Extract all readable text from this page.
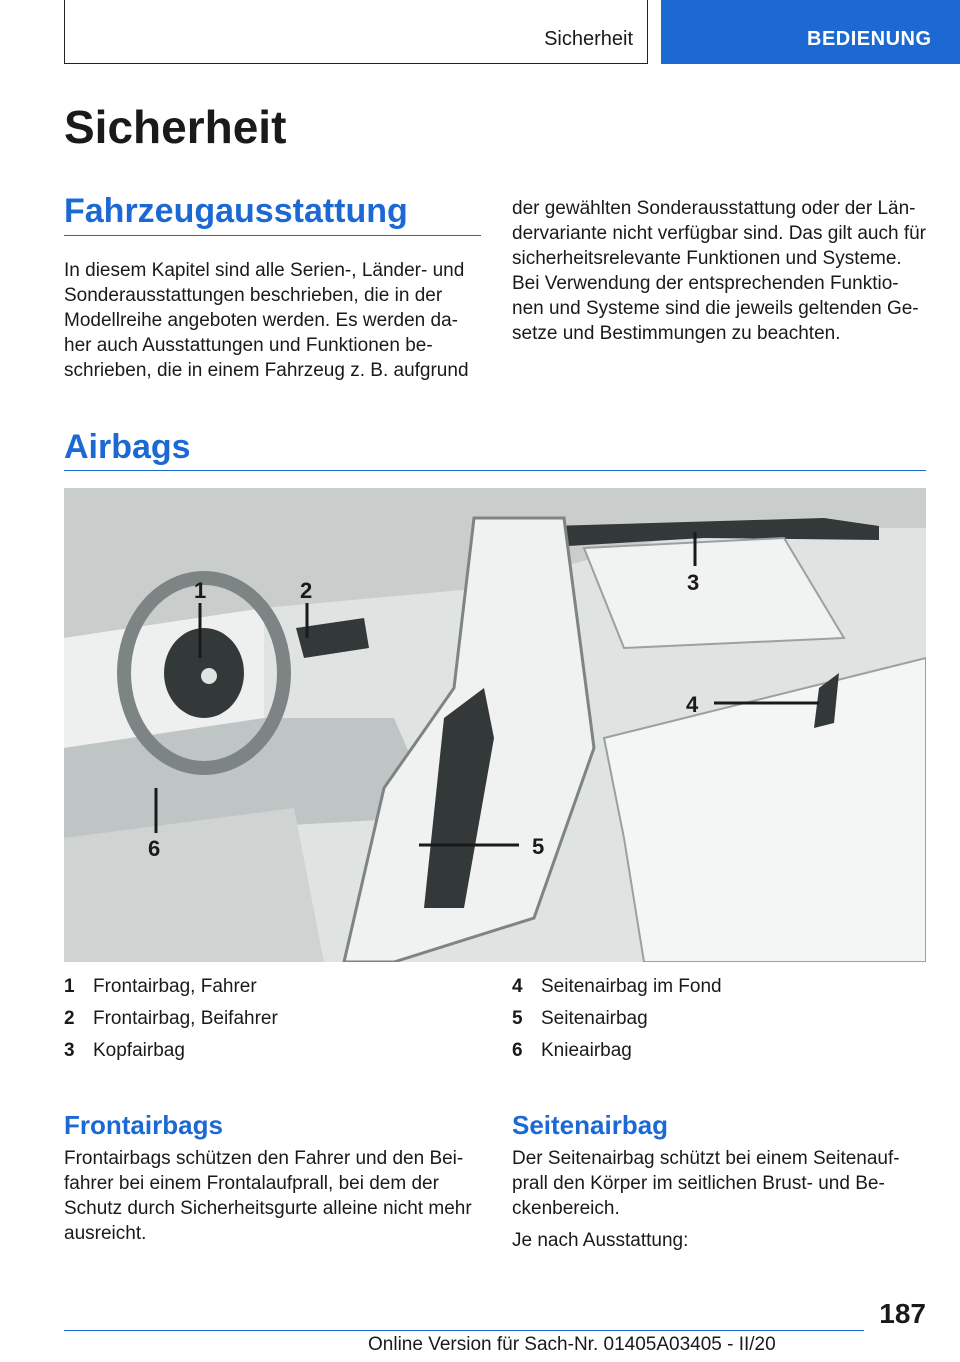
Sicherheit	BEDIENUNG
Sicherheit
Fahrzeugausstattung
In diesem Kapitel sind alle Serien-, Länder- und
Sonderausstattungen beschrieben, die in der
Modellreihe angeboten werden. Es werden da-
her auch Ausstattungen und Funktionen be-
schrieben, die in einem Fahrzeug z. B. aufgrund
der gewählten Sonderausstattung oder der Län-
dervariante nicht verfügbar sind. Das gilt auch für
sicherheitsrelevante Funktionen und Systeme.
Bei Verwendung der entsprechenden Funktio-
nen und Systeme sind die jeweils geltenden Ge-
setze und Bestimmungen zu beachten.
Airbags
1	2	3
4
5
6
1 Frontairbag, Fahrer
2 Frontairbag, Beifahrer
3 Kopfairbag
4 Seitenairbag im Fond
5 Seitenairbag
6 Knieairbag
Frontairbags
Frontairbags schützen den Fahrer und den Bei-
fahrer bei einem Frontalaufprall, bei dem der
Schutz durch Sicherheitsgurte alleine nicht mehr
ausreicht.
Seitenairbag
Der Seitenairbag schützt bei einem Seitenauf-
prall den Körper im seitlichen Brust- und Be-
ckenbereich.
Je nach Ausstattung:
187
Online Version für Sach-Nr. 01405A03405 - II/20
